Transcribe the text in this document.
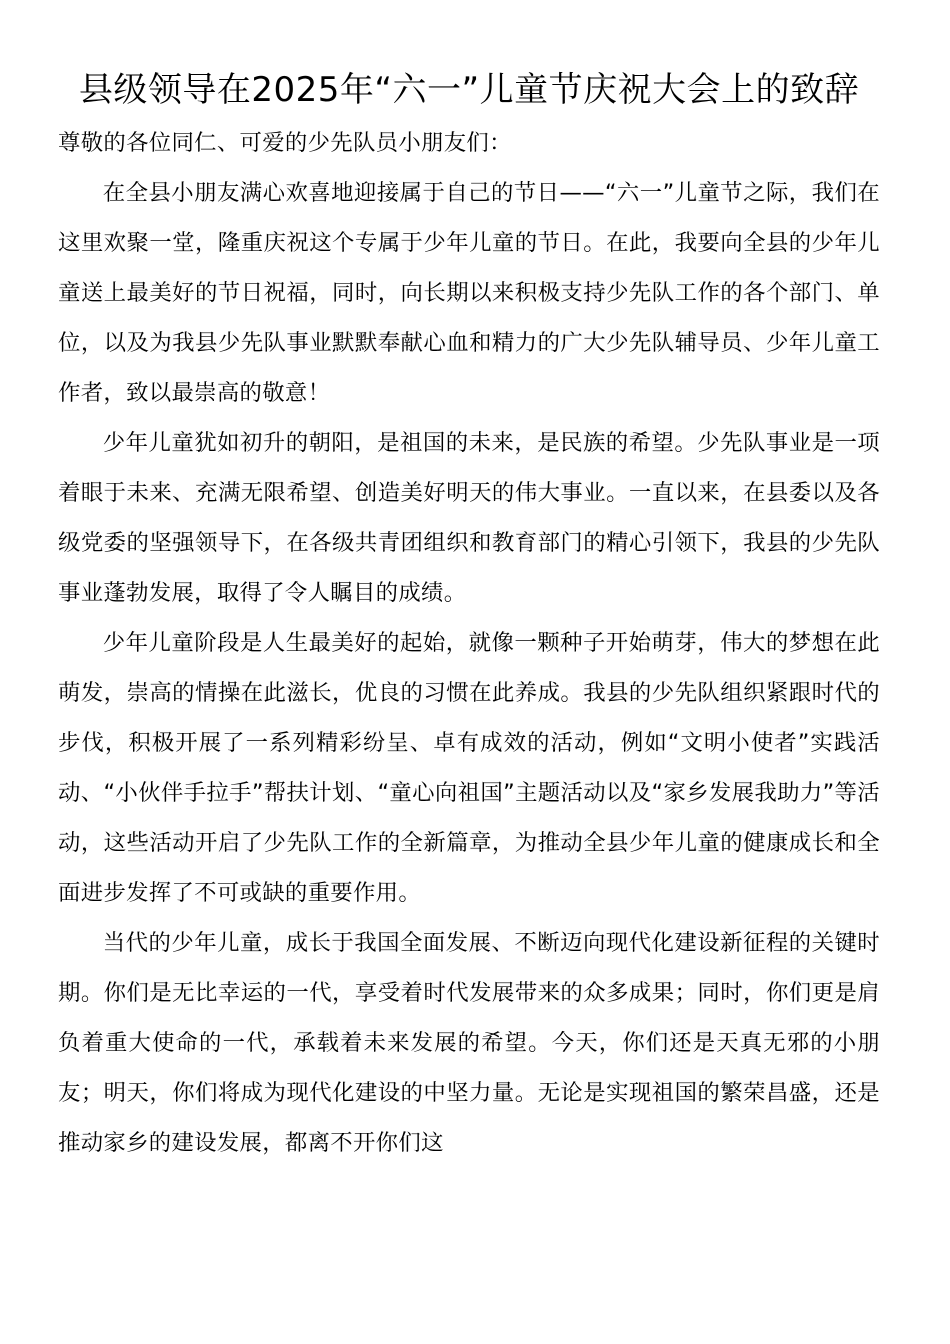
县级领导在2025年“六一”儿童节庆祝大会上的致辞

尊敬的各位同仁、可爱的少先队员小朋友们：

在全县小朋友满心欢喜地迎接属于自己的节日——“六一”儿童节之际，我们在这里欢聚一堂，隆重庆祝这个专属于少年儿童的节日。在此，我要向全县的少年儿童送上最美好的节日祝福，同时，向长期以来积极支持少先队工作的各个部门、单位，以及为我县少先队事业默默奉献心血和精力的广大少先队辅导员、少年儿童工作者，致以最崇高的敬意！

少年儿童犹如初升的朝阳，是祖国的未来，是民族的希望。少先队事业是一项着眼于未来、充满无限希望、创造美好明天的伟大事业。一直以来，在县委以及各级党委的坚强领导下，在各级共青团组织和教育部门的精心引领下，我县的少先队事业蓬勃发展，取得了令人瞩目的成绩。

少年儿童阶段是人生最美好的起始，就像一颗种子开始萌芽，伟大的梦想在此萌发，崇高的情操在此滋长，优良的习惯在此养成。我县的少先队组织紧跟时代的步伐，积极开展了一系列精彩纷呈、卓有成效的活动，例如“文明小使者”实践活动、“小伙伴手拉手”帮扶计划、“童心向祖国”主题活动以及“家乡发展我助力”等活动，这些活动开启了少先队工作的全新篇章，为推动全县少年儿童的健康成长和全面进步发挥了不可或缺的重要作用。

当代的少年儿童，成长于我国全面发展、不断迈向现代化建设新征程的关键时期。你们是无比幸运的一代，享受着时代发展带来的众多成果；同时，你们更是肩负着重大使命的一代，承载着未来发展的希望。今天，你们还是天真无邪的小朋友；明天，你们将成为现代化建设的中坚力量。无论是实现祖国的繁荣昌盛，还是推动家乡的建设发展，都离不开你们这
